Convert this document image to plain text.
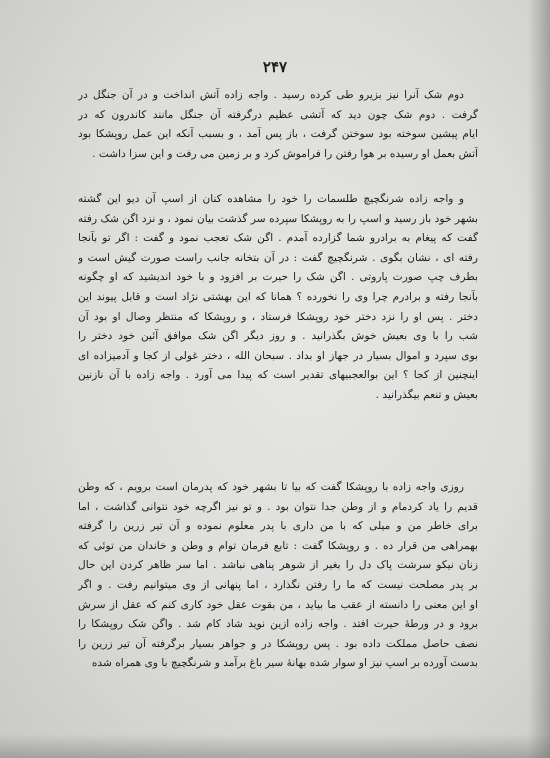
۲۴۷

دوم شک آنرا نیز بزیرو طی کرده رسید . واجه زاده آتش انداخت و در آن جنگل در
گرفت . دوم شک چون دید که آتشی عظیم درگرفته آن جنگل مانند کاندرون که در
ایام پیشین سوخته بود سوختن گرفت ، باز پس آمد ، و بسبب آنکه این عمل روپشکا بود
آتش بعمل او رسیده بر هوا رفتن را فراموش کرد و بر زمین می رفت و این سزا داشت .

و واجه زاده شرنگچیچ طلسمات را خود را مشاهده کنان از اسپ آن دیو این گشته
بشهر خود باز رسید و اسپ را به روپشکا سپرده سر گذشت بیان نمود ، و نزد اگن شک رفته
گفت که پیغام به برادرو شما گزارده آمدم . اگن شک تعجب نمود و گفت : اگر تو بآنجا
رفته ای ، نشان بگوی . شرنگچیچ گفت : در آن بتخانه جانب راست صورت گیش است و
بطرف چپ صورت پاروتی . اگن شک را حیرت بر افزود و با خود اندیشید که او چگونه
بآنجا رفته و برادرم چرا وی را نخورده ؟ همانا که این بهشتی نژاد است و قابل پیوند این
دختر . پس او را نزد دختر خود روپشکا فرستاد ، و روپشکا که منتظر وصال او بود آن
شب را با وی بعیش خوش بگذرانید . و روز دیگر اگن شک موافق آئین خود دختر را
بوی سپرد و اموال بسیار در جهاز او بداد . سبحان الله ، دختر غولی از کجا و آدمیزاده ای
اینچنین از کجا ؟ این بوالعجبیهای تقدیر است که پیدا می آورد . واجه زاده با آن نازنین
بعیش و تنعم بیگذرانید .

روزی واجه زاده با روپشکا گفت که بیا تا بشهر خود که پدرمان است برویم ، که وطن
قدیم را یاد کردمام و از وطن جدا نتوان بود . و تو نیز اگرچه خود نتوانی گذاشت ، اما
برای خاطر من و میلی که با من داری با پدر معلوم نموده و آن تیر زرین را گرفته
بهمراهی من قرار ده . و روپشکا گفت : تابع فرمان توام و وطن و خاندان من توئی که
زنان نیکو سرشت پاک دل را بغیر از شوهر پناهی نباشد . اما سر ظاهر کردن این حال
بر پدر مصلحت نیست که ما را رفتن نگذارد ، اما پنهانی از وی میتوانیم رفت . و اگر
او این معنی را دانسته از عقب ما بیاید ، من بقوت عقل خود کاری کنم که عقل از سرش
برود و در ورطهٔ حیرت افتد . واجه زاده ازین نوید شاد کام شد . واگن شک روپشکا را
نصف حاصل مملکت داده بود . پس روپشکا در و جواهر بسیار برگرفته آن تیر زرین را
بدست آورده بر اسپ نیز او سوار شده بهانهٔ سیر باغ برآمد و شرنگچیچ با وی همراه شده
